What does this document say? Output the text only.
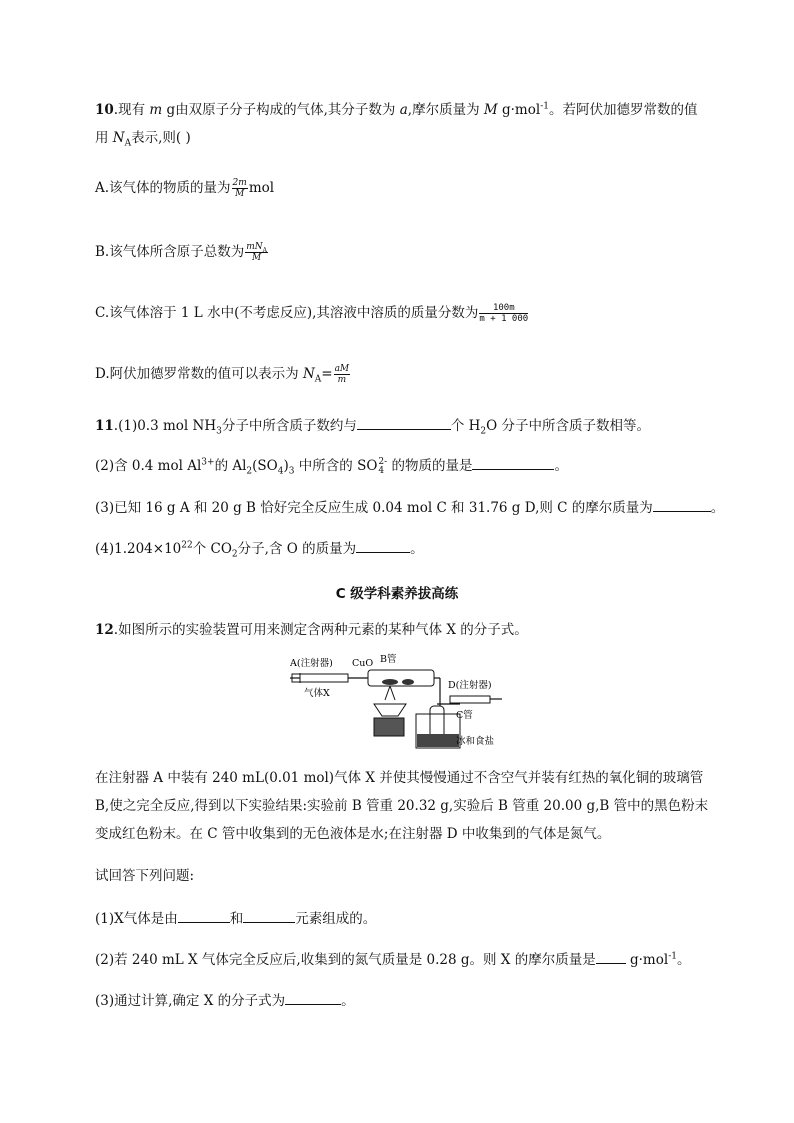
10.现有 m g由双原子分子构成的气体,其分子数为 a,摩尔质量为 M g·mol$^{-1}$。若阿伏加德罗常数的值
用 $N_A$表示,则( )
A.该气体的物质的量为 $\frac{2m}{M}$ mol
B.该气体所含原子总数为 $\frac{mN_A}{M}$
C.该气体溶于 1 L 水中(不考虑反应),其溶液中溶质的质量分数为 $\frac{100m}{m + 1 000}$
D.阿伏加德罗常数的值可以表示为 $N_A= \frac{aM}{m}$
11.(1)0.3 mol $NH_3$分子中所含质子数约与	个 $H_2O$ 分子中所含质子数相等。
(2)含 0.4 mol $Al^{3+}$的 $Al_2(SO_4)_3$ 中所含的 SO 2-
4 的物质的量是	。
(3)已知 16 g A 和 20 g B 恰好完全反应生成 0.04 mol C 和 31.76 g D,则 C 的摩尔质量为	。
$(4)1.204\times 10^{22}$个 $CO_2$分子,含 O 的质量为	。
C 级学科素养拔高练
12.如图所示的实验装置可用来测定含两种元素的某种气体 X 的分子式。
A(注射器) CuO B管
气体X
D(注射器)
C管
冰和食盐
在注射器 A 中装有 240 mL(0.01 mol)气体 X 并使其慢慢通过不含空气并装有红热的氧化铜的玻璃管
B,使之完全反应,得到以下实验结果:实验前 B 管重 20.32 g,实验后 B 管重 20.00 g,B 管中的黑色粉末
变成红色粉末。在 C 管中收集到的无色液体是水;在注射器 D 中收集到的气体是氮气。
试回答下列问题:
(1)X气体是由	和	元素组成的。
(2)若 240 mL X 气体完全反应后,收集到的氮气质量是 0.28 g。则 X 的摩尔质量是 g·mol$^{-1}$。
(3)通过计算,确定 X 的分子式为	。
